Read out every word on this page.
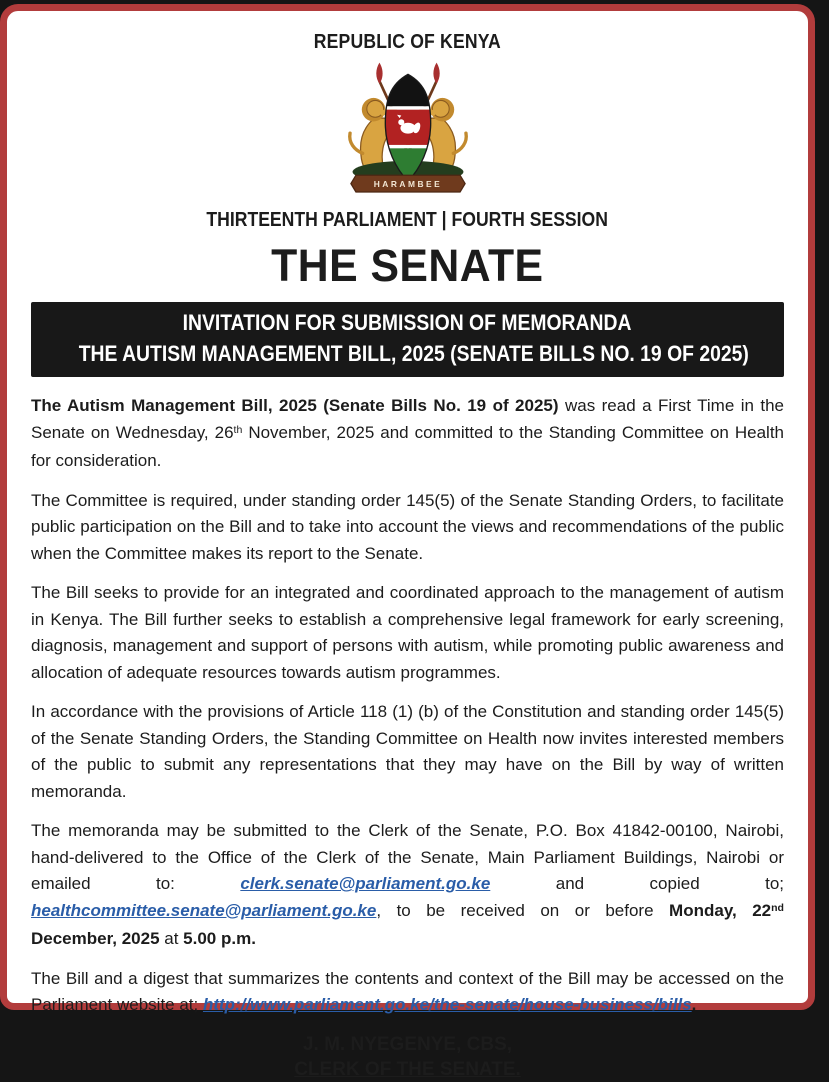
REPUBLIC OF KENYA
HARAMBEE
THIRTEENTH PARLIAMENT | FOURTH SESSION
THE SENATE
INVITATION FOR SUBMISSION OF MEMORANDA
THE AUTISM MANAGEMENT BILL, 2025 (SENATE BILLS NO. 19 OF 2025)

The Autism Management Bill, 2025 (Senate Bills No. 19 of 2025) was read a First Time in the Senate on Wednesday, 26th November, 2025 and committed to the Standing Committee on Health for consideration.

The Committee is required, under standing order 145(5) of the Senate Standing Orders, to facilitate public participation on the Bill and to take into account the views and recommendations of the public when the Committee makes its report to the Senate.

The Bill seeks to provide for an integrated and coordinated approach to the management of autism in Kenya. The Bill further seeks to establish a comprehensive legal framework for early screening, diagnosis, management and support of persons with autism, while promoting public awareness and allocation of adequate resources towards autism programmes.

In accordance with the provisions of Article 118 (1) (b) of the Constitution and standing order 145(5) of the Senate Standing Orders, the Standing Committee on Health now invites interested members of the public to submit any representations that they may have on the Bill by way of written memoranda.

The memoranda may be submitted to the Clerk of the Senate, P.O. Box 41842-00100, Nairobi, hand-delivered to the Office of the Clerk of the Senate, Main Parliament Buildings, Nairobi or emailed to: clerk.senate@parliament.go.ke and copied to; healthcommittee.senate@parliament.go.ke, to be received on or before Monday, 22nd December, 2025 at 5.00 p.m.

The Bill and a digest that summarizes the contents and context of the Bill may be accessed on the Parliament website at; http://www.parliament.go.ke/the-senate/house-business/bills.

J. M. NYEGENYE, CBS,
CLERK OF THE SENATE.
